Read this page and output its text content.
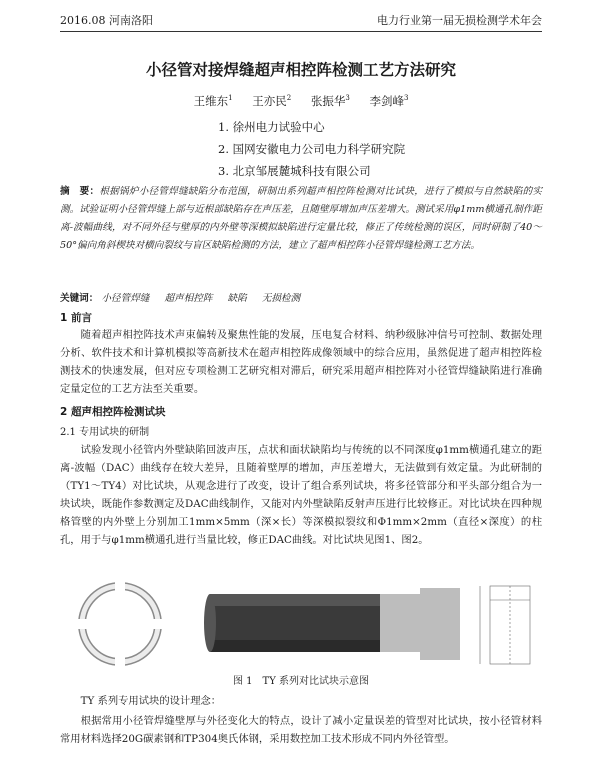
2016.08 河南洛阳	电力行业第一届无损检测学术年会
小径管对接焊缝超声相控阵检测工艺方法研究
王维东$^1$ 王亦民$^2$ 张振华$^3$ 李剑峰$^3$
1. 徐州电力试验中心
2. 国网安徽电力公司电力科学研究院
3. 北京邹展麓城科技有限公司
摘　要：根据锅炉小径管焊缝缺陷分布范围，研制出系列超声相控阵检测对比试块，进行了模拟与自然缺陷的实测。试验证明小径管焊缝上部与近根部缺陷存在声压差，且随壁厚增加声压差增大。测试采用φ1mm横通孔制作距离-波幅曲线，对不同外径与壁厚的内外壁等深模拟缺陷进行定量比较，修正了传统检测的误区，同时研制了40～50°偏向角斜楔块对横向裂纹与盲区缺陷检测的方法，建立了超声相控阵小径管焊缝检测工艺方法。
关键词： 小径管焊缝 超声相控阵 缺陷 无损检测
1 前言
随着超声相控阵技术声束偏转及聚焦性能的发展，压电复合材料、纳秒级脉冲信号可控制、数据处理分析、软件技术和计算机模拟等高新技术在超声相控阵成像领域中的综合应用，虽然促进了超声相控阵检测技术的快速发展，但对应专项检测工艺研究相对滞后，研究采用超声相控阵对小径管焊缝缺陷进行准确定量定位的工艺方法至关重要。
2 超声相控阵检测试块
2.1 专用试块的研制
试验发现小径管内外壁缺陷回波声压，点状和面状缺陷均与传统的以不同深度φ1mm横通孔建立的距离-波幅（DAC）曲线存在较大差异，且随着壁厚的增加，声压差增大，无法做到有效定量。为此研制的（TY1～TY4）对比试块，从观念进行了改变，设计了组合系列试块，将多径管部分和平头部分组合为一块试块，既能作参数测定及DAC曲线制作，又能对内外壁缺陷反射声压进行比较修正。对比试块在四种规格管壁的内外壁上分别加工1mm×5mm（深×长）等深模拟裂纹和Φ1mm×2mm（直径×深度）的柱孔，用于与φ1mm横通孔进行当量比较，修正DAC曲线。对比试块见图1、图2。
图 1　TY 系列对比试块示意图
TY 系列专用试块的设计理念：
根据常用小径管焊缝壁厚与外径变化大的特点，设计了减小定量误差的管型对比试块，按小径管材料常用材料选择20G碳素钢和TP304奥氏体钢，采用数控加工技术形成不同内外径管型。
